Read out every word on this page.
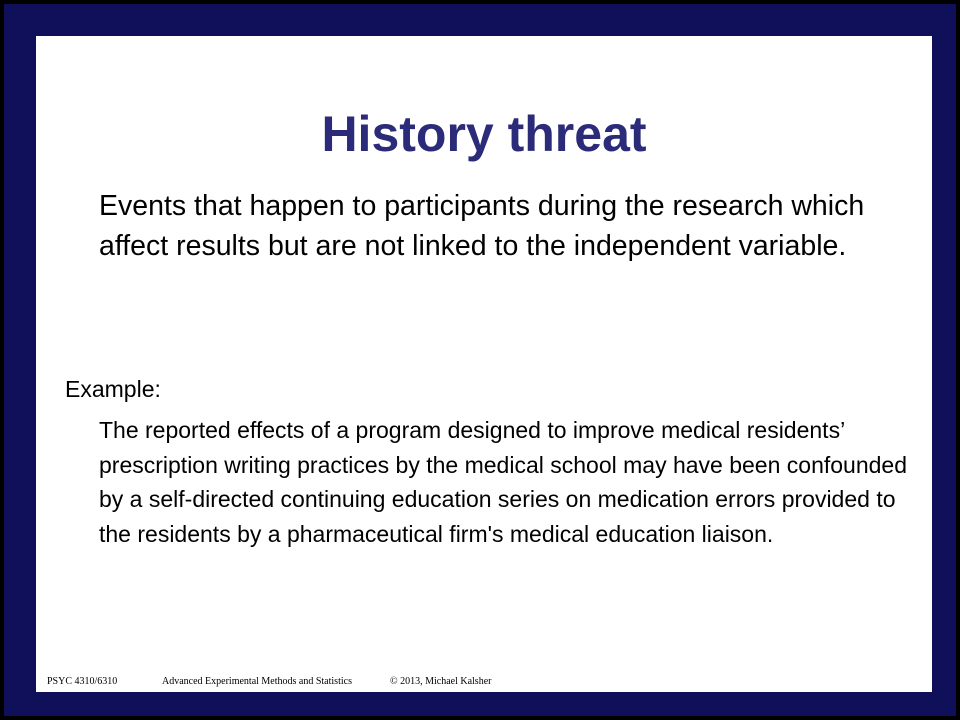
History threat

Events that happen to participants during the research which affect results but are not linked to the independent variable.

Example:

The reported effects of a program designed to improve medical residents’ prescription writing practices by the medical school may have been confounded by a self-directed continuing education series on medication errors provided to the residents by a pharmaceutical firm's medical education liaison.

PSYC 4310/6310	Advanced Experimental Methods and Statistics	© 2013, Michael Kalsher
